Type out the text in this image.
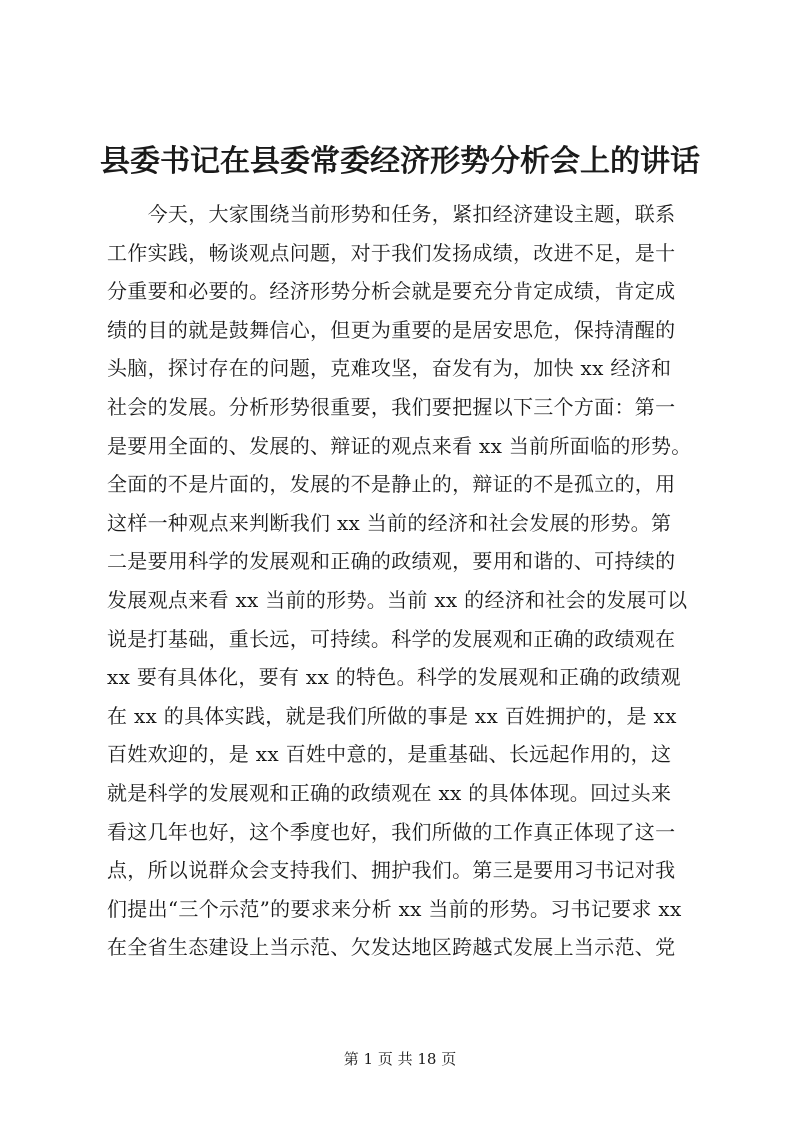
县委书记在县委常委经济形势分析会上的讲话
　　今天，大家围绕当前形势和任务，紧扣经济建设主题，联系
工作实践，畅谈观点问题，对于我们发扬成绩，改进不足，是十
分重要和必要的。经济形势分析会就是要充分肯定成绩，肯定成
绩的目的就是鼓舞信心，但更为重要的是居安思危，保持清醒的
头脑，探讨存在的问题，克难攻坚，奋发有为，加快 xx 经济和
社会的发展。分析形势很重要，我们要把握以下三个方面：第一
是要用全面的、发展的、辩证的观点来看 xx 当前所面临的形势。
全面的不是片面的，发展的不是静止的，辩证的不是孤立的，用
这样一种观点来判断我们 xx 当前的经济和社会发展的形势。第
二是要用科学的发展观和正确的政绩观，要用和谐的、可持续的
发展观点来看 xx 当前的形势。当前 xx 的经济和社会的发展可以
说是打基础，重长远，可持续。科学的发展观和正确的政绩观在
xx 要有具体化，要有 xx 的特色。科学的发展观和正确的政绩观
在 xx 的具体实践，就是我们所做的事是 xx 百姓拥护的，是 xx
百姓欢迎的，是 xx 百姓中意的，是重基础、长远起作用的，这
就是科学的发展观和正确的政绩观在 xx 的具体体现。回过头来
看这几年也好，这个季度也好，我们所做的工作真正体现了这一
点，所以说群众会支持我们、拥护我们。第三是要用习书记对我
们提出“三个示范”的要求来分析 xx 当前的形势。习书记要求 xx
在全省生态建设上当示范、欠发达地区跨越式发展上当示范、党
第 1 页 共 18 页
